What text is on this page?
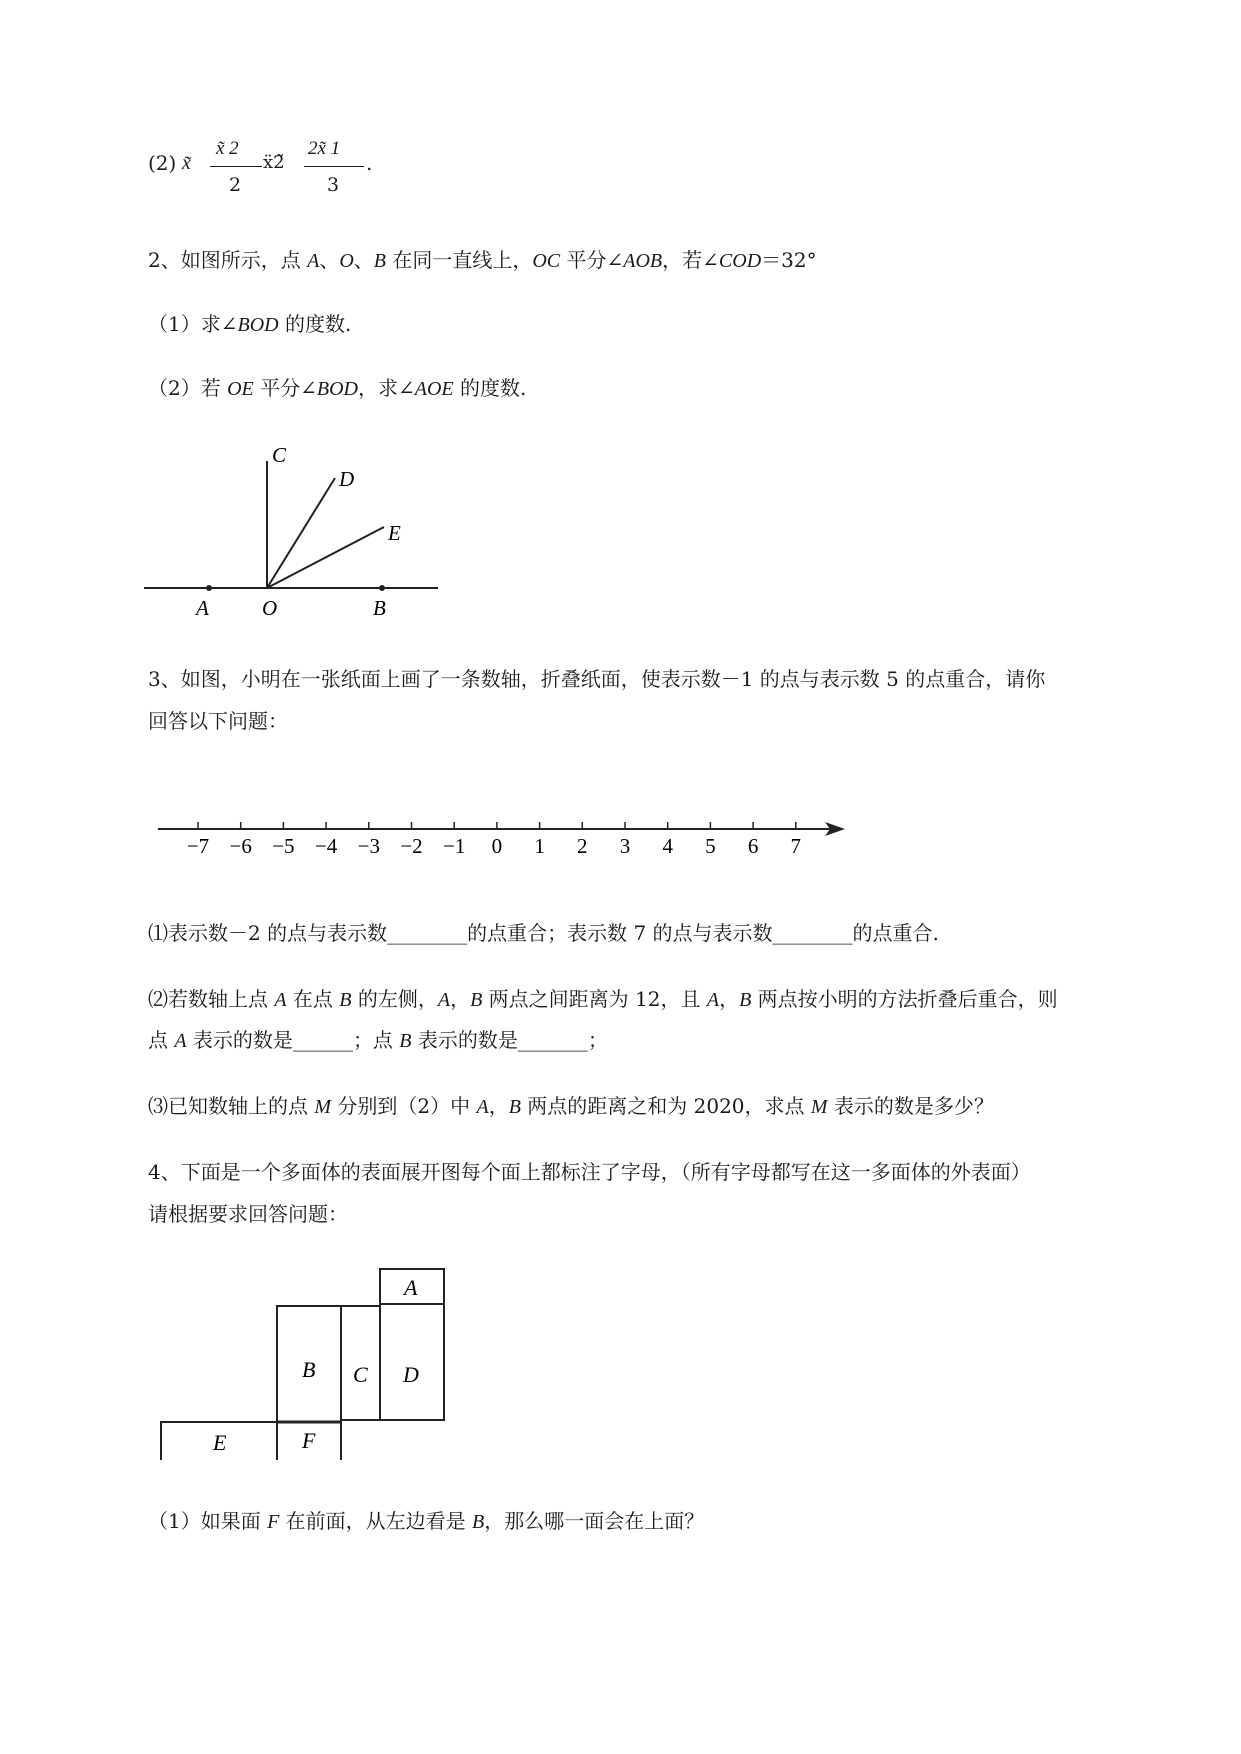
(2) x̃
x̃ 2
2
ẍ2̃
2x̃ 1
3
.
2、如图所示，点 A、O、B 在同一直线上，OC 平分∠AOB，若∠COD＝32°
（1）求∠BOD 的度数.
（2）若 OE 平分∠BOD，求∠AOE 的度数.
C
D
E
A	O	B
3、如图，小明在一张纸面上画了一条数轴，折叠纸面，使表示数－1 的点与表示数 5 的点重合，请你
回答以下问题：
−7 −6 −5 −4 −3 −2 −1 0 1 2 3 4 5 6 7
⑴表示数－2 的点与表示数________的点重合；表示数 7 的点与表示数________的点重合.
⑵若数轴上点 A 在点 B 的左侧，A，B 两点之间距离为 12，且 A，B 两点按小明的方法折叠后重合，则
点 A 表示的数是______；点 B 表示的数是_______；
⑶已知数轴上的点 M 分别到（2）中 A，B 两点的距离之和为 2020，求点 M 表示的数是多少？
4、下面是一个多面体的表面展开图每个面上都标注了字母，（所有字母都写在这一多面体的外表面）
请根据要求回答问题：
A
B C D
E	F
（1）如果面 F 在前面，从左边看是 B，那么哪一面会在上面？
